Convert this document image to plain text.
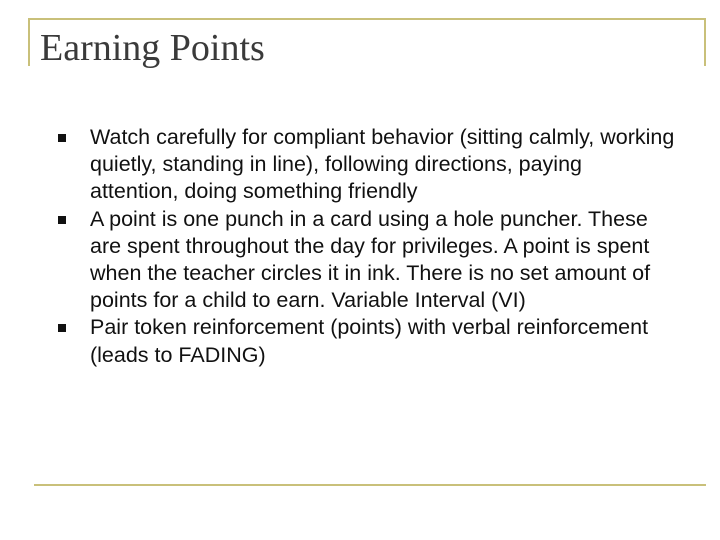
Earning Points
Watch carefully for compliant behavior (sitting calmly, working quietly, standing in line), following directions, paying attention, doing something friendly
A point is one punch in a card using a hole puncher. These are spent throughout the day for privileges. A point is spent when the teacher circles it in ink. There is no set amount of points for a child to earn. Variable Interval (VI)
Pair token reinforcement (points) with verbal reinforcement (leads to FADING)
